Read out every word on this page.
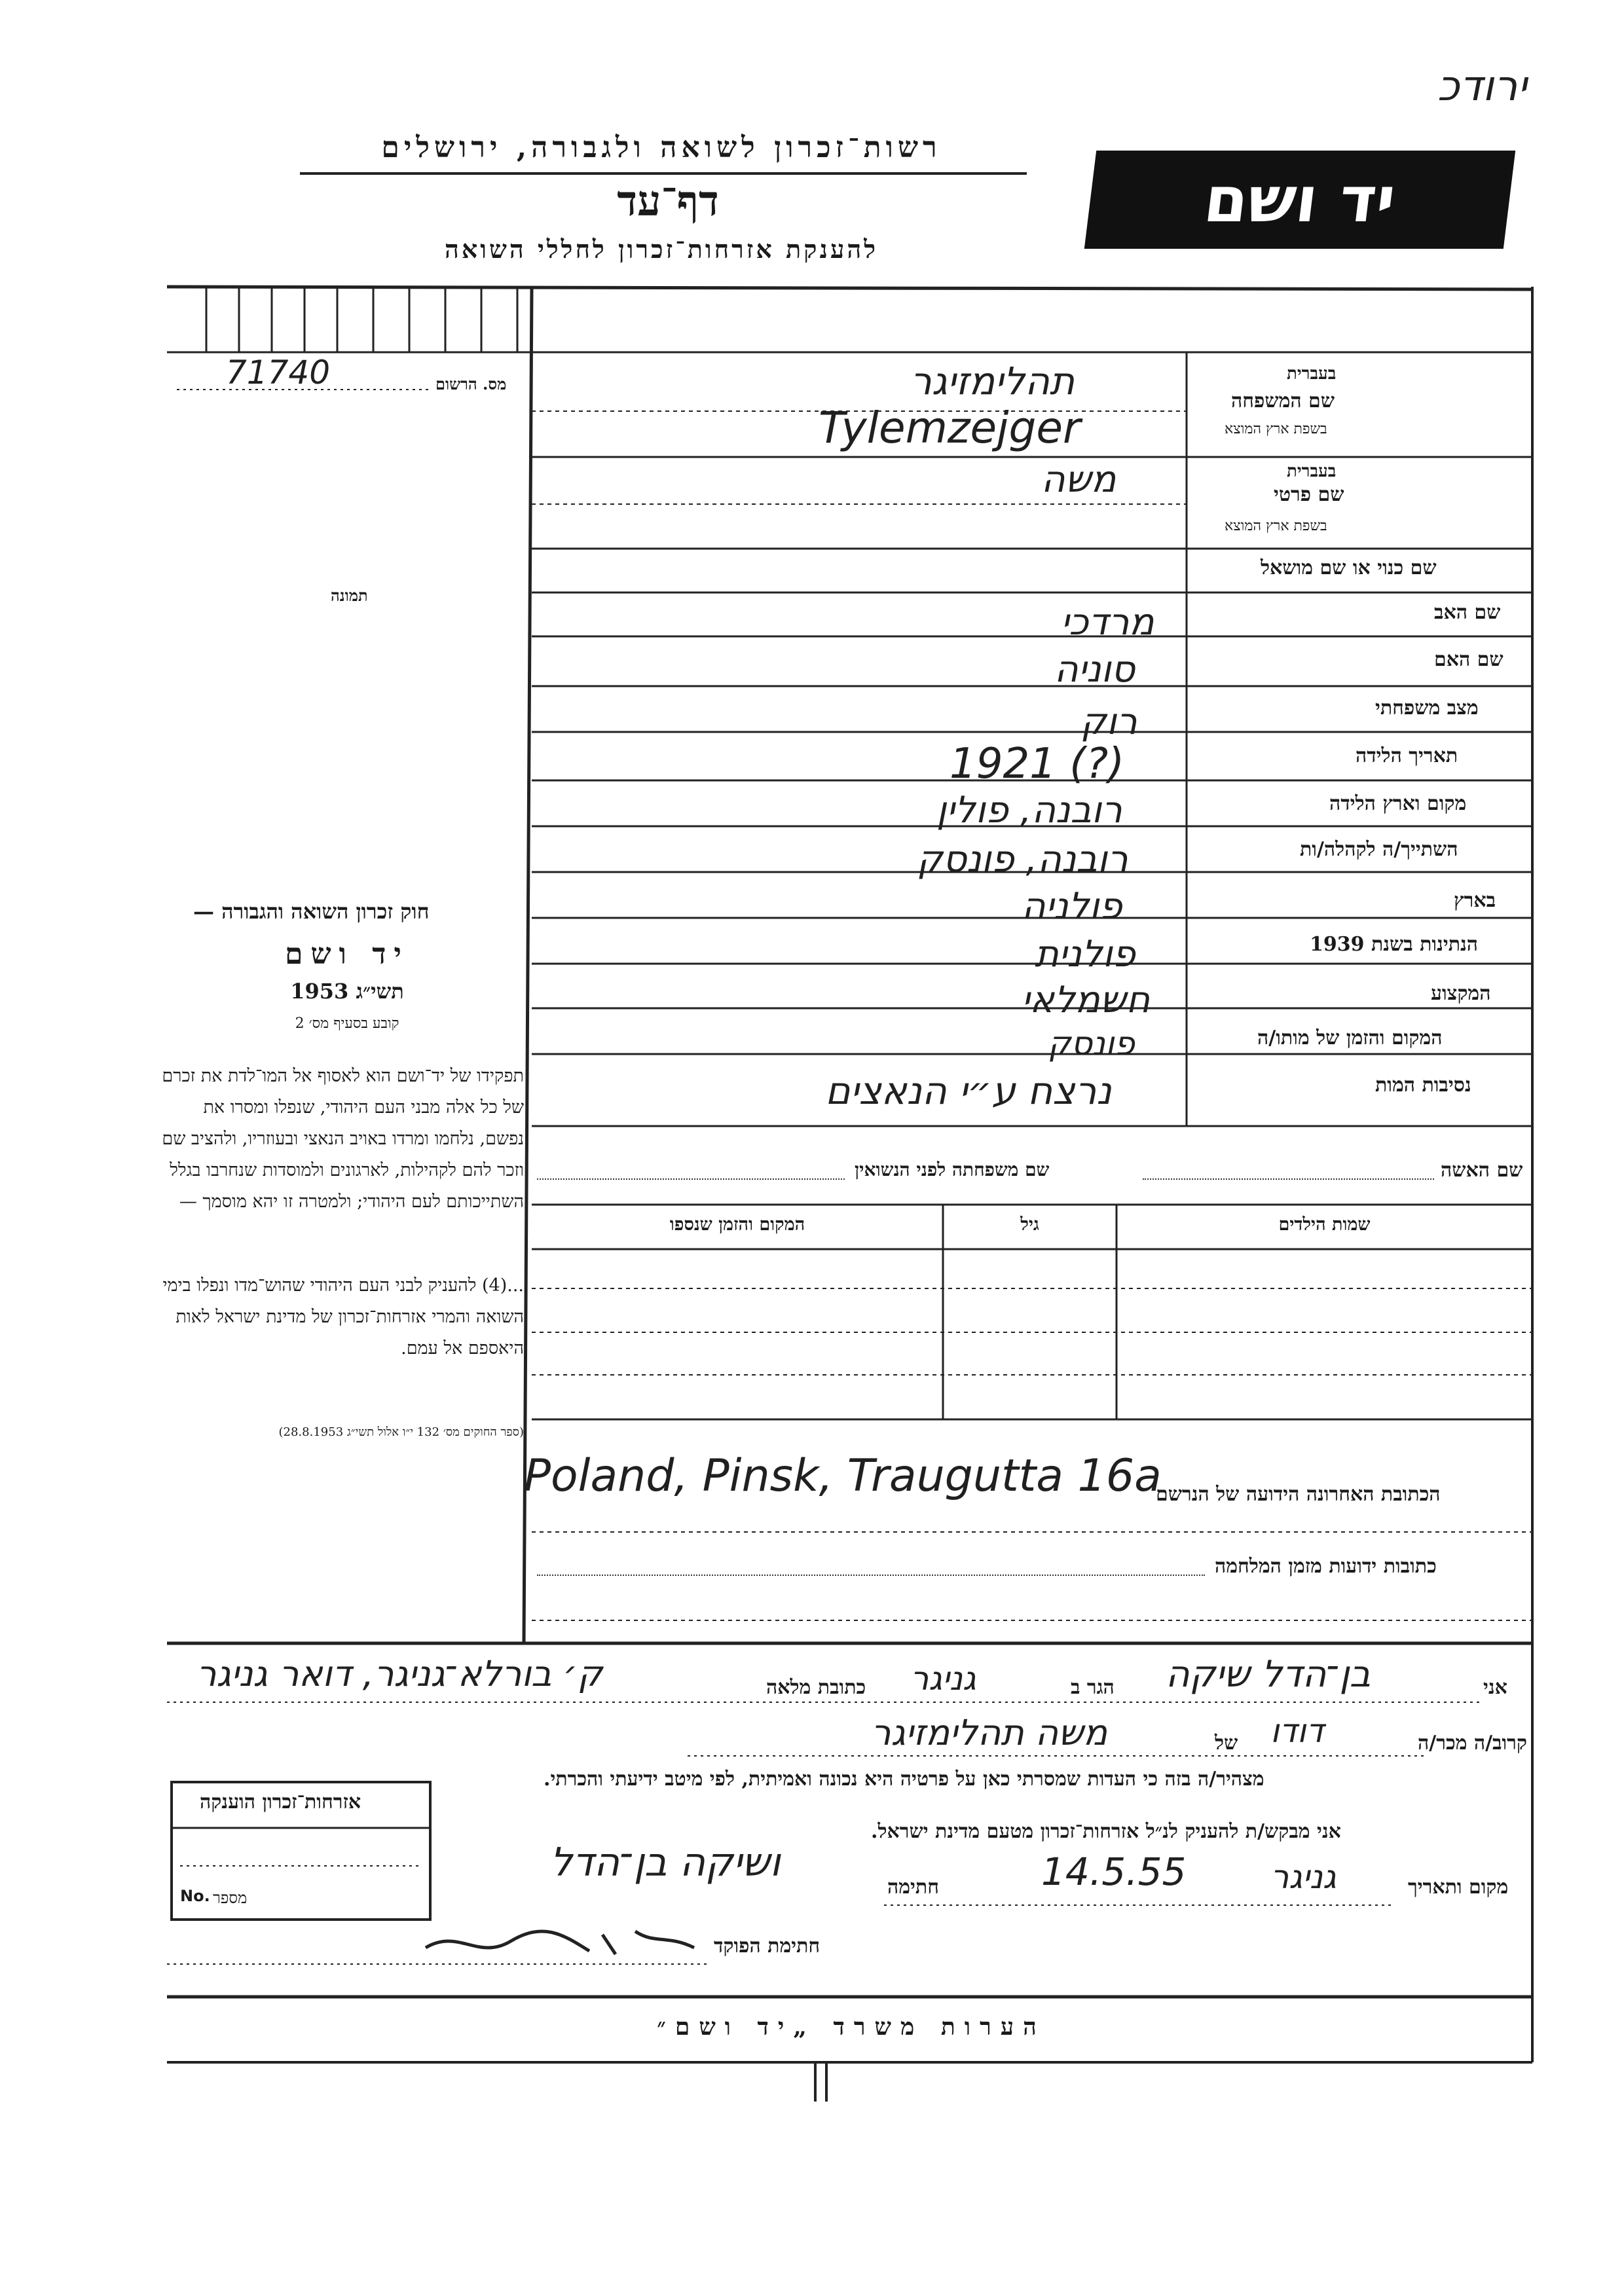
ירודכ
רשות־זכרון לשואה ולגבורה, ירושלים
דף־עד
להענקת אזרחות־זכרון לחללי השואה
יד ושם
מס. הרשום
71740
תמונה
שם המשפחה
בעברית
בשפת ארץ המוצא
שם פרטי
בעברית
בשפת ארץ המוצא
שם כנוי או שם מושאל
שם האב
שם האם
מצב משפחתי
תאריך הלידה
מקום וארץ הלידה
השתייך/ה לקהלה/ות
בארץ
הנתינות בשנת 1939
המקצוע
המקום והזמן של מותו/ה
נסיבות המות
תהלימזיגר
Tylemzejger
משה
מרדכי
סוניה
רוק
1921 (?)
רובנה, פולין
רובנה, פונסק
פולניה
פולנית
חשמלאי
פונסק
נרצח ע״י הנאצים
שם האשה
שם משפחתה לפני הנשואין
שמות הילדים
גיל
המקום והזמן שנספו
הכתובת האחרונה הידועה של הנרשם
Poland, Pinsk, Traugutta 16a
כתובות ידועות מזמן המלחמה
חוק זכרון השואה והגבורה —
יד ושם
תשי״ג 1953
קובע בסעיף מס׳ 2
תפקידו של יד־ושם הוא לאסוף אל המו־לדת את זכרם של כל אלה מבני העם היהודי, שנפלו ומסרו את נפשם, נלחמו ומרדו באויב הנאצי ובעוזריו, ולהציב שם וזכר להם לקהילות, לארגונים ולמוסדות שנחרבו בגלל השתייכותם לעם היהודי; ולמטרה זו יהא מוסמך —
...(4) להעניק לבני העם היהודי שהוש־מדו ונפלו בימי השואה והמרי אזרחות־זכרון של מדינת ישראל לאות היאספם אל עמם.
(ספר החוקים מס׳ 132 י״ו אלול תשי״ג 28.8.1953)
אני
בן־הדל שיקה
הגר ב
גניגר
כתובת מלאה
ק׳ בורלא־גניגר, דואר גניגר
קרוב/ה מכר/ה
דודו
של
משה תהלימזיגר
מצהיר/ה בזה כי העדות שמסרתי כאן על פרטיה היא נכונה ואמיתית, לפי מיטב ידיעתי והכרתי.
אני מבקש/ת להעניק לנ״ל אזרחות־זכרון מטעם מדינת ישראל.
מקום ותאריך
גניגר
14.5.55
חתימה
ושיקה בן־הדל
חתימת הפוקד
אזרחות־זכרון הוענקה
מספר
No.
הערות משרד „יד ושם״
